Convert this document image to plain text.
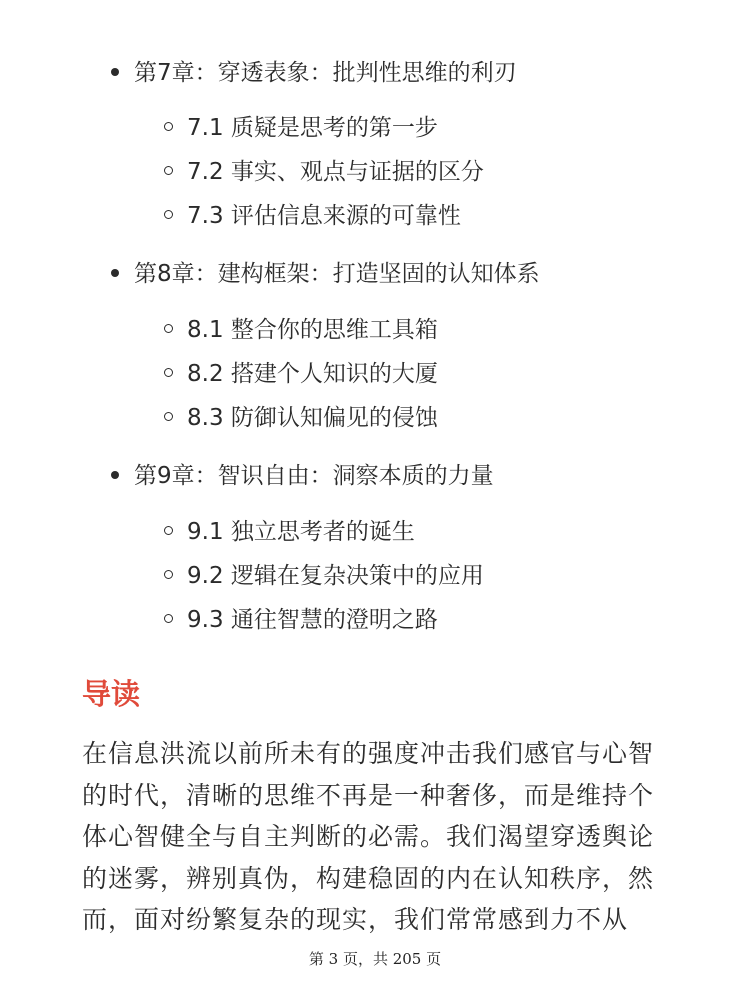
第7章：穿透表象：批判性思维的利刃
7.1 质疑是思考的第一步
7.2 事实、观点与证据的区分
7.3 评估信息来源的可靠性
第8章：建构框架：打造坚固的认知体系
8.1 整合你的思维工具箱
8.2 搭建个人知识的大厦
8.3 防御认知偏见的侵蚀
第9章：智识自由：洞察本质的力量
9.1 独立思考者的诞生
9.2 逻辑在复杂决策中的应用
9.3 通往智慧的澄明之路
导读
在信息洪流以前所未有的强度冲击我们感官与心智
的时代，清晰的思维不再是一种奢侈，而是维持个
体心智健全与自主判断的必需。我们渴望穿透舆论
的迷雾，辨别真伪，构建稳固的内在认知秩序，然
而，面对纷繁复杂的现实，我们常常感到力不从
第 3 页，共 205 页
